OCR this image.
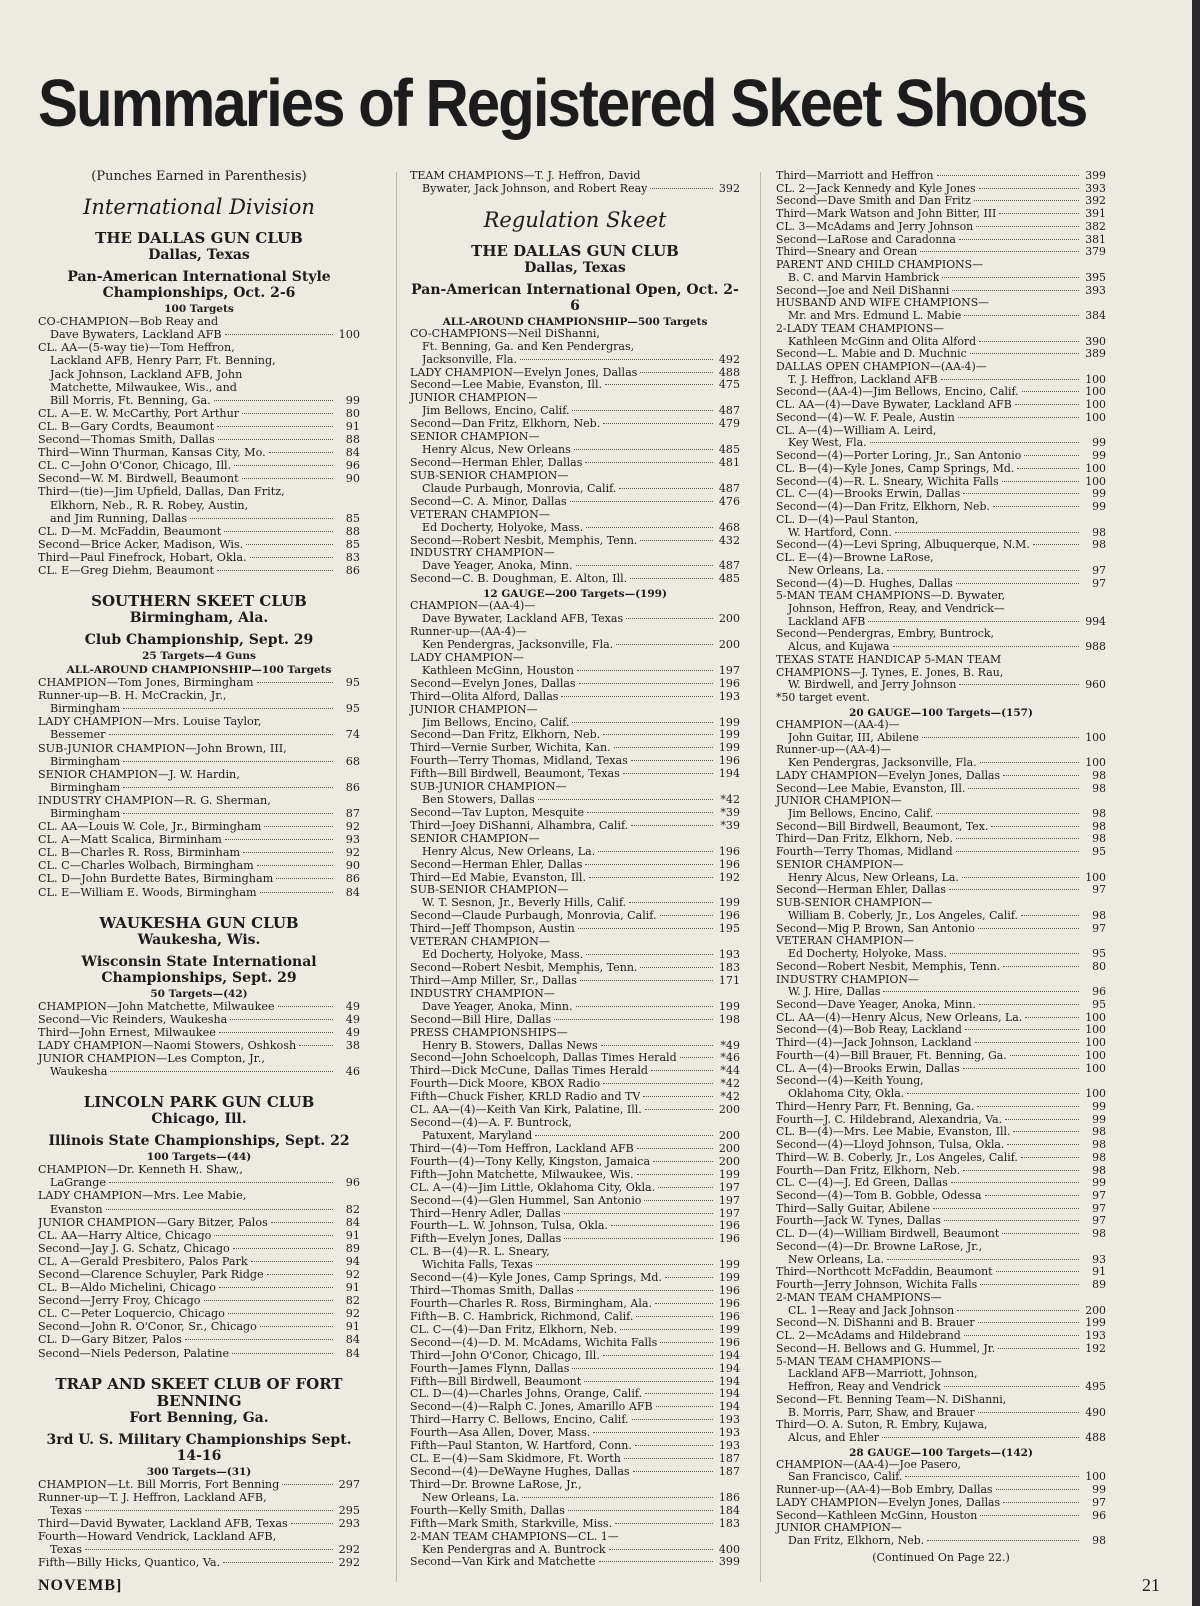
Summaries of Registered Skeet Shoots
(Punches Earned in Parenthesis)
International Division
THE DALLAS GUN CLUB
Dallas, Texas
Pan-American International Style Championships, Oct. 2-6
100 Targets
CO-CHAMPION—Bob Reay and
Dave Bywaters, Lackland AFB	100
CL. AA—(5-way tie)—Tom Heffron,
Lackland AFB, Henry Parr, Ft. Benning,
Jack Johnson, Lackland AFB, John
Matchette, Milwaukee, Wis., and
Bill Morris, Ft. Benning, Ga.	99
CL. A—E. W. McCarthy, Port Arthur	80
CL. B—Gary Cordts, Beaumont	91
Second—Thomas Smith, Dallas	88
Third—Winn Thurman, Kansas City, Mo.	84
CL. C—John O'Conor, Chicago, Ill.	96
Second—W. M. Birdwell, Beaumont	90
Third—(tie)—Jim Upfield, Dallas, Dan Fritz,
Elkhorn, Neb., R. R. Robey, Austin,
and Jim Running, Dallas	85
CL. D—M. McFaddin, Beaumont	88
Second—Brice Acker, Madison, Wis.	85
Third—Paul Finefrock, Hobart, Okla.	83
CL. E—Greg Diehm, Beaumont	86
SOUTHERN SKEET CLUB
Birmingham, Ala.
Club Championship, Sept. 29
25 Targets—4 Guns
ALL-AROUND CHAMPIONSHIP—100 Targets
CHAMPION—Tom Jones, Birmingham	95
Runner-up—B. H. McCrackin, Jr.,
Birmingham	95
LADY CHAMPION—Mrs. Louise Taylor,
Bessemer	74
SUB-JUNIOR CHAMPION—John Brown, III,
Birmingham	68
SENIOR CHAMPION—J. W. Hardin,
Birmingham	86
INDUSTRY CHAMPION—R. G. Sherman,
Birmingham	87
CL. AA—Louis W. Cole, Jr., Birmingham	92
CL. A—Matt Scalica, Birminham	93
CL. B—Charles R. Ross, Birminham	92
CL. C—Charles Wolbach, Birmingham	90
CL. D—John Burdette Bates, Birmingham	86
CL. E—William E. Woods, Birmingham	84
WAUKESHA GUN CLUB
Waukesha, Wis.
Wisconsin State International Championships, Sept. 29
50 Targets—(42)
CHAMPION—John Matchette, Milwaukee	49
Second—Vic Reinders, Waukesha	49
Third—John Ernest, Milwaukee	49
LADY CHAMPION—Naomi Stowers, Oshkosh	38
JUNIOR CHAMPION—Les Compton, Jr.,
Waukesha	46
LINCOLN PARK GUN CLUB
Chicago, Ill.
Illinois State Championships, Sept. 22
100 Targets—(44)
CHAMPION—Dr. Kenneth H. Shaw,,
LaGrange	96
LADY CHAMPION—Mrs. Lee Mabie,
Evanston	82
JUNIOR CHAMPION—Gary Bitzer, Palos	84
CL. AA—Harry Altice, Chicago	91
Second—Jay J. G. Schatz, Chicago	89
CL. A—Gerald Presbitero, Palos Park	94
Second—Clarence Schuyler, Park Ridge	92
CL. B—Aldo Michelini, Chicago	91
Second—Jerry Froy, Chicago	82
CL. C—Peter Loquercio, Chicago	92
Second—John R. O'Conor, Sr., Chicago	91
CL. D—Gary Bitzer, Palos	84
Second—Niels Pederson, Palatine	84
TRAP AND SKEET CLUB OF FORT BENNING
Fort Benning, Ga.
3rd U. S. Military Championships Sept. 14-16
300 Targets—(31)
CHAMPION—Lt. Bill Morris, Fort Benning	297
Runner-up—T. J. Heffron, Lackland AFB,
Texas	295
Third—David Bywater, Lackland AFB, Texas	293
Fourth—Howard Vendrick, Lackland AFB,
Texas	292
Fifth—Billy Hicks, Quantico, Va.	292
TEAM CHAMPIONS—T. J. Heffron, David
Bywater, Jack Johnson, and Robert Reay	392
Regulation Skeet
THE DALLAS GUN CLUB
Dallas, Texas
Pan-American International Open, Oct. 2-6
ALL-AROUND CHAMPIONSHIP—500 Targets
CO-CHAMPIONS—Neil DiShanni,
Ft. Benning, Ga. and Ken Pendergras,
Jacksonville, Fla.	492
LADY CHAMPION—Evelyn Jones, Dallas	488
Second—Lee Mabie, Evanston, Ill.	475
JUNIOR CHAMPION—
Jim Bellows, Encino, Calif.	487
Second—Dan Fritz, Elkhorn, Neb.	479
SENIOR CHAMPION—
Henry Alcus, New Orleans	485
Second—Herman Ehler, Dallas	481
SUB-SENIOR CHAMPION—
Claude Purbaugh, Monrovia, Calif.	487
Second—C. A. Minor, Dallas	476
VETERAN CHAMPION—
Ed Docherty, Holyoke, Mass.	468
Second—Robert Nesbit, Memphis, Tenn.	432
INDUSTRY CHAMPION—
Dave Yeager, Anoka, Minn.	487
Second—C. B. Doughman, E. Alton, Ill.	485
12 GAUGE—200 Targets—(199)
CHAMPION—(AA-4)—
Dave Bywater, Lackland AFB, Texas	200
Runner-up—(AA-4)—
Ken Pendergras, Jacksonville, Fla.	200
LADY CHAMPION—
Kathleen McGinn, Houston	197
Second—Evelyn Jones, Dallas	196
Third—Olita Alford, Dallas	193
JUNIOR CHAMPION—
Jim Bellows, Encino, Calif.	199
Second—Dan Fritz, Elkhorn, Neb.	199
Third—Vernie Surber, Wichita, Kan.	199
Fourth—Terry Thomas, Midland, Texas	196
Fifth—Bill Birdwell, Beaumont, Texas	194
SUB-JUNIOR CHAMPION—
Ben Stowers, Dallas	*42
Second—Tav Lupton, Mesquite	*39
Third—Joey DiShanni, Alhambra, Calif.	*39
SENIOR CHAMPION—
Henry Alcus, New Orleans, La.	196
Second—Herman Ehler, Dallas	196
Third—Ed Mabie, Evanston, Ill.	192
SUB-SENIOR CHAMPION—
W. T. Sesnon, Jr., Beverly Hills, Calif.	199
Second—Claude Purbaugh, Monrovia, Calif.	196
Third—Jeff Thompson, Austin	195
VETERAN CHAMPION—
Ed Docherty, Holyoke, Mass.	193
Second—Robert Nesbit, Memphis, Tenn.	183
Third—Amp Miller, Sr., Dallas	171
INDUSTRY CHAMPION—
Dave Yeager, Anoka, Minn.	199
Second—Bill Hire, Dallas	198
PRESS CHAMPIONSHIPS—
Henry B. Stowers, Dallas News	*49
Second—John Schoelcoph, Dallas Times Herald	*46
Third—Dick McCune, Dallas Times Herald	*44
Fourth—Dick Moore, KBOX Radio	*42
Fifth—Chuck Fisher, KRLD Radio and TV	*42
CL. AA—(4)—Keith Van Kirk, Palatine, Ill.	200
Second—(4)—A. F. Buntrock,
Patuxent, Maryland	200
Third—(4)—Tom Heffron, Lackland AFB	200
Fourth—(4)—Tony Kelly, Kingston, Jamaica	200
Fifth—John Matchette, Milwaukee, Wis.	199
CL. A—(4)—Jim Little, Oklahoma City, Okla.	197
Second—(4)—Glen Hummel, San Antonio	197
Third—Henry Adler, Dallas	197
Fourth—L. W. Johnson, Tulsa, Okla.	196
Fifth—Evelyn Jones, Dallas	196
CL. B—(4)—R. L. Sneary,
Wichita Falls, Texas	199
Second—(4)—Kyle Jones, Camp Springs, Md.	199
Third—Thomas Smith, Dallas	196
Fourth—Charles R. Ross, Birmingham, Ala.	196
Fifth—B. C. Hambrick, Richmond, Calif.	196
CL. C—(4)—Dan Fritz, Elkhorn, Neb.	199
Second—(4)—D. M. McAdams, Wichita Falls	196
Third—John O'Conor, Chicago, Ill.	194
Fourth—James Flynn, Dallas	194
Fifth—Bill Birdwell, Beaumont	194
CL. D—(4)—Charles Johns, Orange, Calif.	194
Second—(4)—Ralph C. Jones, Amarillo AFB	194
Third—Harry C. Bellows, Encino, Calif.	193
Fourth—Asa Allen, Dover, Mass.	193
Fifth—Paul Stanton, W. Hartford, Conn.	193
CL. E—(4)—Sam Skidmore, Ft. Worth	187
Second—(4)—DeWayne Hughes, Dallas	187
Third—Dr. Browne LaRose, Jr.,
New Orleans, La.	186
Fourth—Kelly Smith, Dallas	184
Fifth—Mark Smith, Starkville, Miss.	183
2-MAN TEAM CHAMPIONS—CL. 1—
Ken Pendergras and A. Buntrock	400
Second—Van Kirk and Matchette	399
Third—Marriott and Heffron	399
CL. 2—Jack Kennedy and Kyle Jones	393
Second—Dave Smith and Dan Fritz	392
Third—Mark Watson and John Bitter, III	391
CL. 3—McAdams and Jerry Johnson	382
Second—LaRose and Caradonna	381
Third—Sneary and Orean	379
PARENT AND CHILD CHAMPIONS—
B. C. and Marvin Hambrick	395
Second—Joe and Neil DiShanni	393
HUSBAND AND WIFE CHAMPIONS—
Mr. and Mrs. Edmund L. Mabie	384
2-LADY TEAM CHAMPIONS—
Kathleen McGinn and Olita Alford	390
Second—L. Mabie and D. Muchnic	389
DALLAS OPEN CHAMPION—(AA-4)—
T. J. Heffron, Lackland AFB	100
Second—(AA-4)—Jim Bellows, Encino, Calif.	100
CL. AA—(4)—Dave Bywater, Lackland AFB	100
Second—(4)—W. F. Peale, Austin	100
CL. A—(4)—William A. Leird,
Key West, Fla.	99
Second—(4)—Porter Loring, Jr., San Antonio	99
CL. B—(4)—Kyle Jones, Camp Springs, Md.	100
Second—(4)—R. L. Sneary, Wichita Falls	100
CL. C—(4)—Brooks Erwin, Dallas	99
Second—(4)—Dan Fritz, Elkhorn, Neb.	99
CL. D—(4)—Paul Stanton,
W. Hartford, Conn.	98
Second—(4)—Levi Spring, Albuquerque, N.M.	98
CL. E—(4)—Browne LaRose,
New Orleans, La.	97
Second—(4)—D. Hughes, Dallas	97
5-MAN TEAM CHAMPIONS—D. Bywater,
Johnson, Heffron, Reay, and Vendrick—
Lackland AFB	994
Second—Pendergras, Embry, Buntrock,
Alcus, and Kujawa	988
TEXAS STATE HANDICAP 5-MAN TEAM
CHAMPIONS—J. Tynes, E. Jones, B. Rau,
W. Birdwell, and Jerry Johnson	960
*50 target event.
20 GAUGE—100 Targets—(157)
CHAMPION—(AA-4)—
John Guitar, III, Abilene	100
Runner-up—(AA-4)—
Ken Pendergras, Jacksonville, Fla.	100
LADY CHAMPION—Evelyn Jones, Dallas	98
Second—Lee Mabie, Evanston, Ill.	98
JUNIOR CHAMPION—
Jim Bellows, Encino, Calif.	98
Second—Bill Birdwell, Beaumont, Tex.	98
Third—Dan Fritz, Elkhorn, Neb.	98
Fourth—Terry Thomas, Midland	95
SENIOR CHAMPION—
Henry Alcus, New Orleans, La.	100
Second—Herman Ehler, Dallas	97
SUB-SENIOR CHAMPION—
William B. Coberly, Jr., Los Angeles, Calif.	98
Second—Mig P. Brown, San Antonio	97
VETERAN CHAMPION—
Ed Docherty, Holyoke, Mass.	95
Second—Robert Nesbit, Memphis, Tenn.	80
INDUSTRY CHAMPION—
W. J. Hire, Dallas	96
Second—Dave Yeager, Anoka, Minn.	95
CL. AA—(4)—Henry Alcus, New Orleans, La.	100
Second—(4)—Bob Reay, Lackland	100
Third—(4)—Jack Johnson, Lackland	100
Fourth—(4)—Bill Brauer, Ft. Benning, Ga.	100
CL. A—(4)—Brooks Erwin, Dallas	100
Second—(4)—Keith Young,
Oklahoma City, Okla.	100
Third—Henry Parr, Ft. Benning, Ga.	99
Fourth—J. C. Hildebrand, Alexandria, Va.	99
CL. B—(4)—Mrs. Lee Mabie, Evanston, Ill.	98
Second—(4)—Lloyd Johnson, Tulsa, Okla.	98
Third—W. B. Coberly, Jr., Los Angeles, Calif.	98
Fourth—Dan Fritz, Elkhorn, Neb.	98
CL. C—(4)—J. Ed Green, Dallas	99
Second—(4)—Tom B. Gobble, Odessa	97
Third—Sally Guitar, Abilene	97
Fourth—Jack W. Tynes, Dallas	97
CL. D—(4)—William Birdwell, Beaumont	98
Second—(4)—Dr. Browne LaRose, Jr.,
New Orleans, La.	93
Third—Northcott McFaddin, Beaumont	91
Fourth—Jerry Johnson, Wichita Falls	89
2-MAN TEAM CHAMPIONS—
CL. 1—Reay and Jack Johnson	200
Second—N. DiShanni and B. Brauer	199
CL. 2—McAdams and Hildebrand	193
Second—H. Bellows and G. Hummel, Jr.	192
5-MAN TEAM CHAMPIONS—
Lackland AFB—Marriott, Johnson,
Heffron, Reay and Vendrick	495
Second—Ft. Benning Team—N. DiShanni,
B. Morris, Parr, Shaw, and Brauer	490
Third—O. A. Suton, R. Embry, Kujawa,
Alcus, and Ehler	488
28 GAUGE—100 Targets—(142)
CHAMPION—(AA-4)—Joe Pasero,
San Francisco, Calif.	100
Runner-up—(AA-4)—Bob Embry, Dallas	99
LADY CHAMPION—Evelyn Jones, Dallas	97
Second—Kathleen McGinn, Houston	96
JUNIOR CHAMPION—
Dan Fritz, Elkhorn, Neb.	98
(Continued On Page 22.)
NOVEMB]	21
